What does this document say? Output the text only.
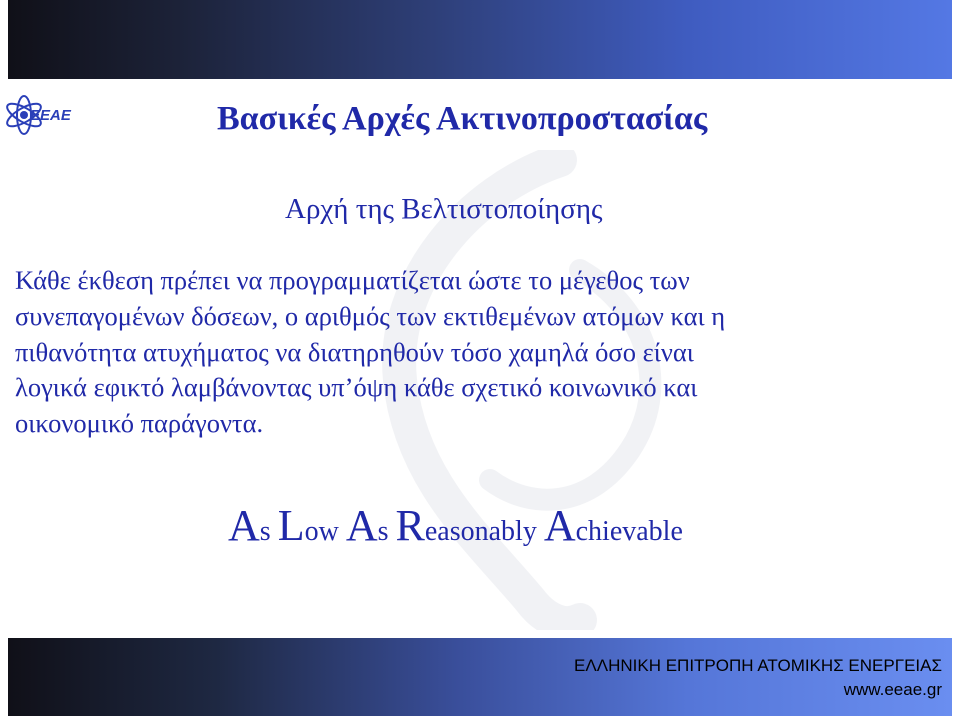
EEAE	Βασικές Αρχές Ακτινοπροστασίας
Αρχή της Βελτιστοποίησης

Κάθε έκθεση πρέπει να προγραμματίζεται ώστε το μέγεθος των
συνεπαγομένων δόσεων, ο αριθμός των εκτιθεμένων ατόμων και η
πιθανότητα ατυχήματος να διατηρηθούν τόσο χαμηλά όσο είναι
λογικά εφικτό λαμβάνοντας υπ’όψη κάθε σχετικό κοινωνικό και
οικονομικό παράγοντα.

As Low As Reasonably Achievable

ΕΛΛΗΝΙΚΗ ΕΠΙΤΡΟΠΗ ΑΤΟΜΙΚΗΣ ΕΝΕΡΓΕΙΑΣ
www.eeae.gr
